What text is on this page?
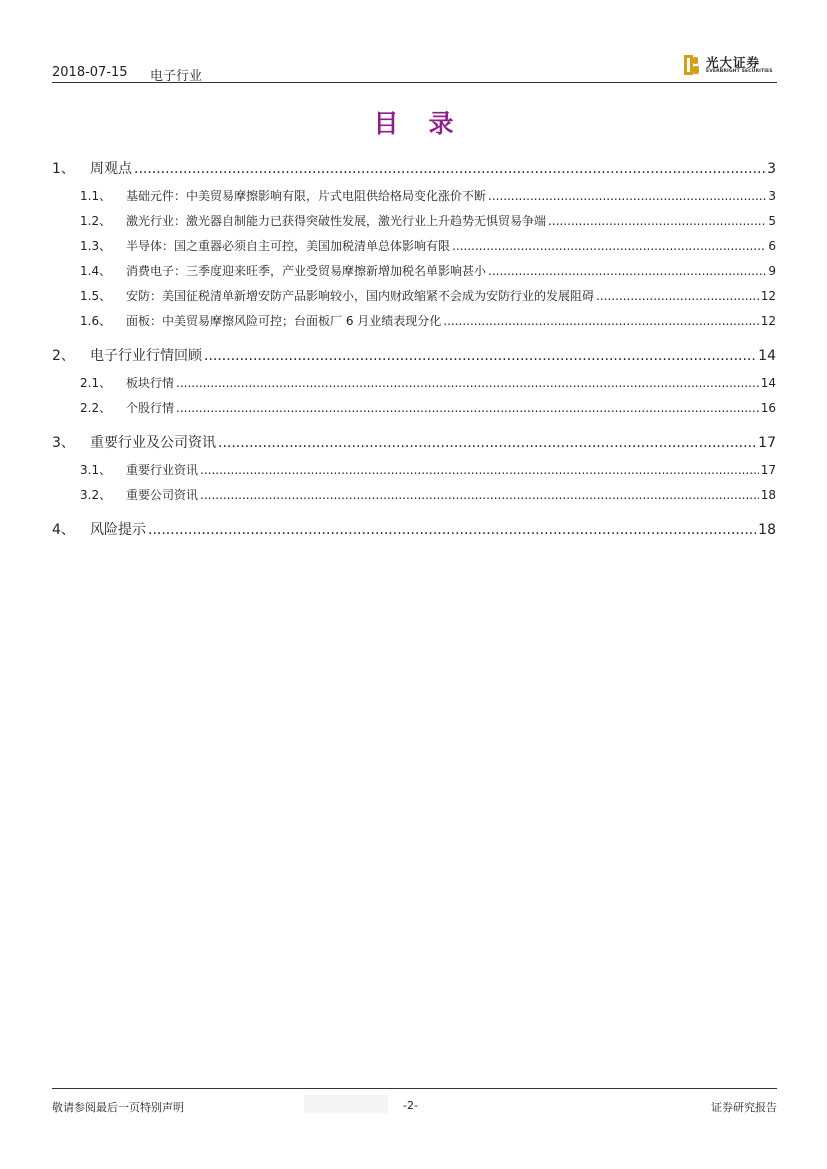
2018-07-15 电子行业
光大证券
EVERBRIGHT SECURITIES
目录
1、	周观点 .....	3
1.1、	基础元件：中美贸易摩擦影响有限，片式电阻供给格局变化涨价不断 .....	3
1.2、	激光行业：激光器自制能力已获得突破性发展，激光行业上升趋势无惧贸易争端 .....	5
1.3、	半导体：国之重器必须自主可控，美国加税清单总体影响有限 .....	6
1.4、	消费电子：三季度迎来旺季，产业受贸易摩擦新增加税名单影响甚小 .....	9
1.5、	安防：美国征税清单新增安防产品影响较小，国内财政缩紧不会成为安防行业的发展阻碍 .....	12
1.6、	面板：中美贸易摩擦风险可控；台面板厂 6 月业绩表现分化 .....	12
2、	电子行业行情回顾 .....	14
2.1、	板块行情 .....	14
2.2、	个股行情 .....	16
3、	重要行业及公司资讯 .....	17
3.1、	重要行业资讯 .....	17
3.2、	重要公司资讯 .....	18
4、	风险提示 .....	18
敬请参阅最后一页特别声明	-2-	证券研究报告
